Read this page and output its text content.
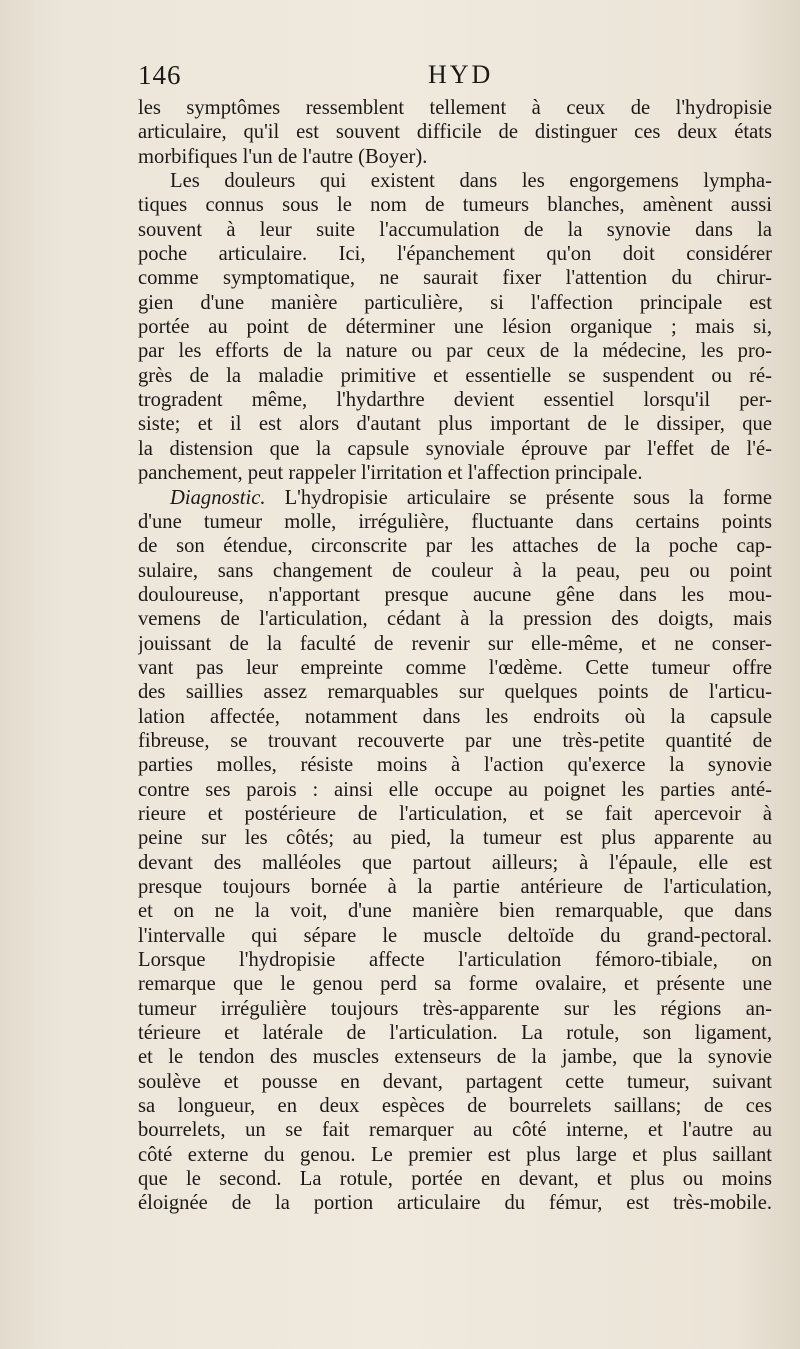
146	HYD
les symptômes ressemblent tellement à ceux de l'hydropisie
articulaire, qu'il est souvent difficile de distinguer ces deux états
morbifiques l'un de l'autre (Boyer).
Les douleurs qui existent dans les engorgemens lympha-
tiques connus sous le nom de tumeurs blanches, amènent aussi
souvent à leur suite l'accumulation de la synovie dans la
poche articulaire. Ici, l'épanchement qu'on doit considérer
comme symptomatique, ne saurait fixer l'attention du chirur-
gien d'une manière particulière, si l'affection principale est
portée au point de déterminer une lésion organique ; mais si,
par les efforts de la nature ou par ceux de la médecine, les pro-
grès de la maladie primitive et essentielle se suspendent ou ré-
trogradent même, l'hydarthre devient essentiel lorsqu'il per-
siste; et il est alors d'autant plus important de le dissiper, que
la distension que la capsule synoviale éprouve par l'effet de l'é-
panchement, peut rappeler l'irritation et l'affection principale.
Diagnostic. L'hydropisie articulaire se présente sous la forme
d'une tumeur molle, irrégulière, fluctuante dans certains points
de son étendue, circonscrite par les attaches de la poche cap-
sulaire, sans changement de couleur à la peau, peu ou point
douloureuse, n'apportant presque aucune gêne dans les mou-
vemens de l'articulation, cédant à la pression des doigts, mais
jouissant de la faculté de revenir sur elle-même, et ne conser-
vant pas leur empreinte comme l'œdème. Cette tumeur offre
des saillies assez remarquables sur quelques points de l'articu-
lation affectée, notamment dans les endroits où la capsule
fibreuse, se trouvant recouverte par une très-petite quantité de
parties molles, résiste moins à l'action qu'exerce la synovie
contre ses parois : ainsi elle occupe au poignet les parties anté-
rieure et postérieure de l'articulation, et se fait apercevoir à
peine sur les côtés; au pied, la tumeur est plus apparente au
devant des malléoles que partout ailleurs; à l'épaule, elle est
presque toujours bornée à la partie antérieure de l'articulation,
et on ne la voit, d'une manière bien remarquable, que dans
l'intervalle qui sépare le muscle deltoïde du grand-pectoral.
Lorsque l'hydropisie affecte l'articulation fémoro-tibiale, on
remarque que le genou perd sa forme ovalaire, et présente une
tumeur irrégulière toujours très-apparente sur les régions an-
térieure et latérale de l'articulation. La rotule, son ligament,
et le tendon des muscles extenseurs de la jambe, que la synovie
soulève et pousse en devant, partagent cette tumeur, suivant
sa longueur, en deux espèces de bourrelets saillans; de ces
bourrelets, un se fait remarquer au côté interne, et l'autre au
côté externe du genou. Le premier est plus large et plus saillant
que le second. La rotule, portée en devant, et plus ou moins
éloignée de la portion articulaire du fémur, est très-mobile.
